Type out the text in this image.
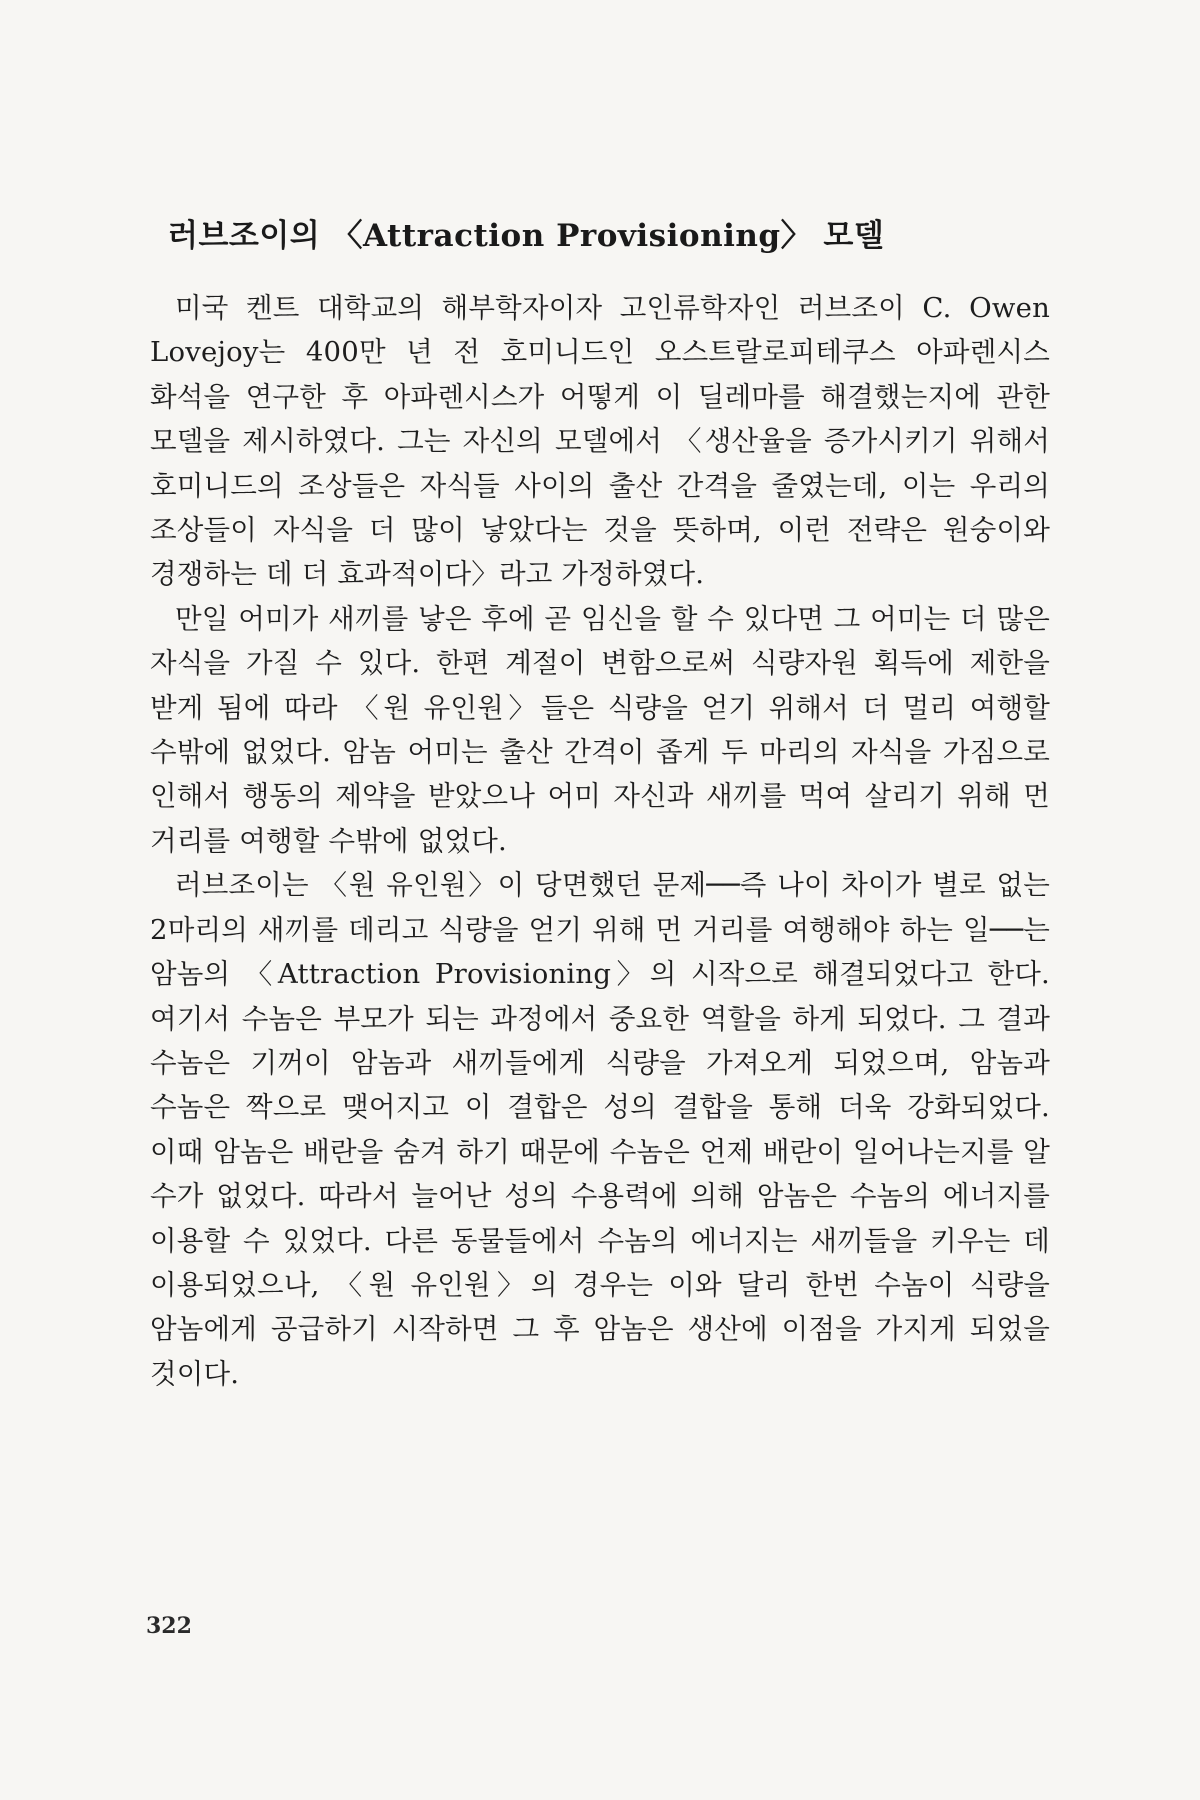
러브조이의 〈Attraction Provisioning〉 모델

미국 켄트 대학교의 해부학자이자 고인류학자인 러브조이 C. Owen Lovejoy는 400만 년 전 호미니드인 오스트랄로피테쿠스 아파렌시스 화석을 연구한 후 아파렌시스가 어떻게 이 딜레마를 해결했는지에 관한 모델을 제시하였다. 그는 자신의 모델에서 〈생산율을 증가시키기 위해서 호미니드의 조상들은 자식들 사이의 출산 간격을 줄였는데, 이는 우리의 조상들이 자식을 더 많이 낳았다는 것을 뜻하며, 이런 전략은 원숭이와 경쟁하는 데 더 효과적이다〉라고 가정하였다.

만일 어미가 새끼를 낳은 후에 곧 임신을 할 수 있다면 그 어미는 더 많은 자식을 가질 수 있다. 한편 계절이 변함으로써 식량자원 획득에 제한을 받게 됨에 따라 〈원 유인원〉들은 식량을 얻기 위해서 더 멀리 여행할 수밖에 없었다. 암놈 어미는 출산 간격이 좁게 두 마리의 자식을 가짐으로 인해서 행동의 제약을 받았으나 어미 자신과 새끼를 먹여 살리기 위해 먼 거리를 여행할 수밖에 없었다.

러브조이는 〈원 유인원〉이 당면했던 문제──즉 나이 차이가 별로 없는 2마리의 새끼를 데리고 식량을 얻기 위해 먼 거리를 여행해야 하는 일──는 암놈의 〈Attraction Provisioning〉의 시작으로 해결되었다고 한다. 여기서 수놈은 부모가 되는 과정에서 중요한 역할을 하게 되었다. 그 결과 수놈은 기꺼이 암놈과 새끼들에게 식량을 가져오게 되었으며, 암놈과 수놈은 짝으로 맺어지고 이 결합은 성의 결합을 통해 더욱 강화되었다. 이때 암놈은 배란을 숨겨 하기 때문에 수놈은 언제 배란이 일어나는지를 알 수가 없었다. 따라서 늘어난 성의 수용력에 의해 암놈은 수놈의 에너지를 이용할 수 있었다. 다른 동물들에서 수놈의 에너지는 새끼들을 키우는 데 이용되었으나, 〈원 유인원〉의 경우는 이와 달리 한번 수놈이 식량을 암놈에게 공급하기 시작하면 그 후 암놈은 생산에 이점을 가지게 되었을 것이다.

322
